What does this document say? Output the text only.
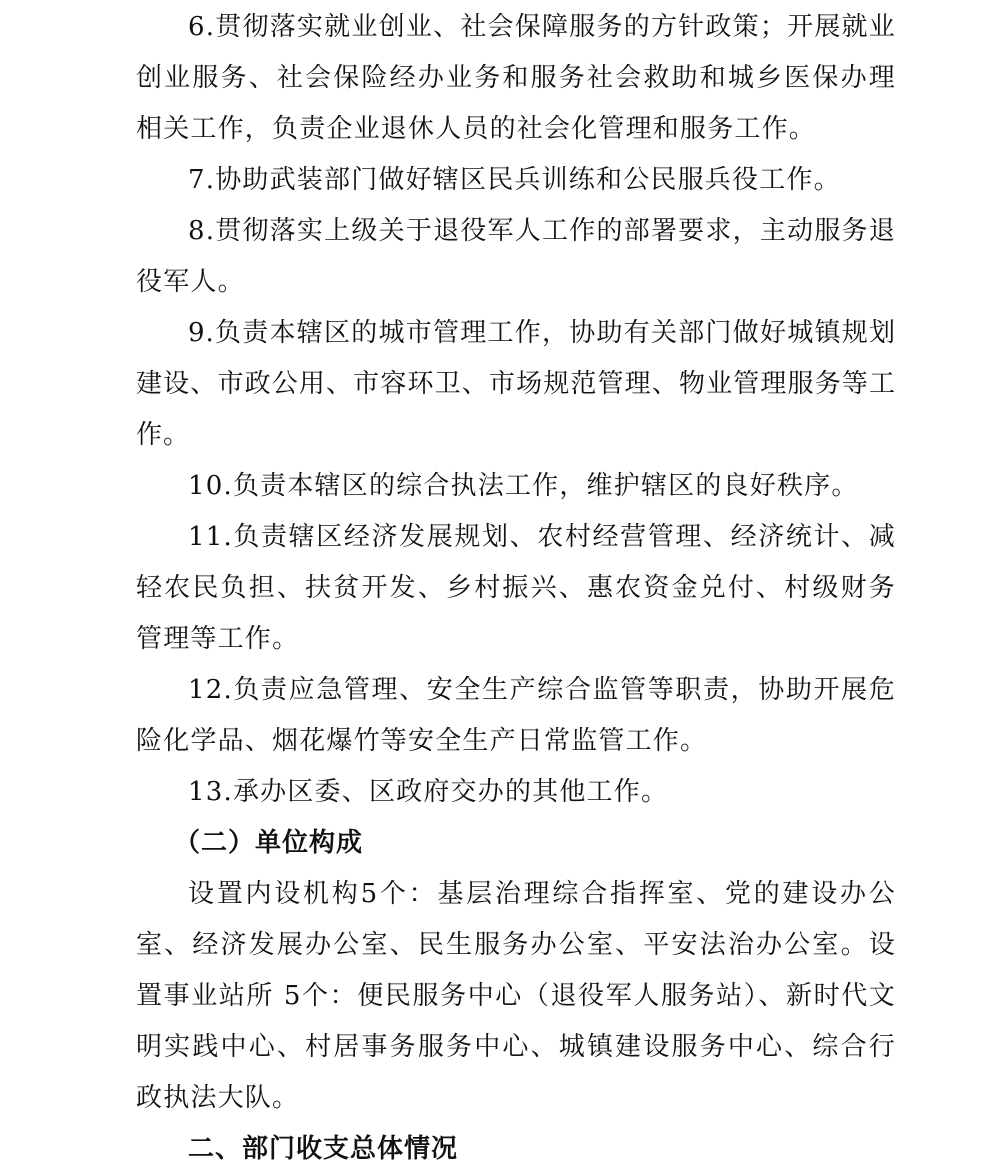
6.贯彻落实就业创业、社会保障服务的方针政策；开展就业创业服务、社会保险经办业务和服务社会救助和城乡医保办理相关工作，负责企业退休人员的社会化管理和服务工作。

7.协助武装部门做好辖区民兵训练和公民服兵役工作。

8.贯彻落实上级关于退役军人工作的部署要求，主动服务退役军人。

9.负责本辖区的城市管理工作，协助有关部门做好城镇规划建设、市政公用、市容环卫、市场规范管理、物业管理服务等工作。

10.负责本辖区的综合执法工作，维护辖区的良好秩序。

11.负责辖区经济发展规划、农村经营管理、经济统计、减轻农民负担、扶贫开发、乡村振兴、惠农资金兑付、村级财务管理等工作。

12.负责应急管理、安全生产综合监管等职责，协助开展危险化学品、烟花爆竹等安全生产日常监管工作。

13.承办区委、区政府交办的其他工作。

（二）单位构成

设置内设机构5个：基层治理综合指挥室、党的建设办公室、经济发展办公室、民生服务办公室、平安法治办公室。设置事业站所 5个：便民服务中心（退役军人服务站）、新时代文明实践中心、村居事务服务中心、城镇建设服务中心、综合行政执法大队。

二、部门收支总体情况
